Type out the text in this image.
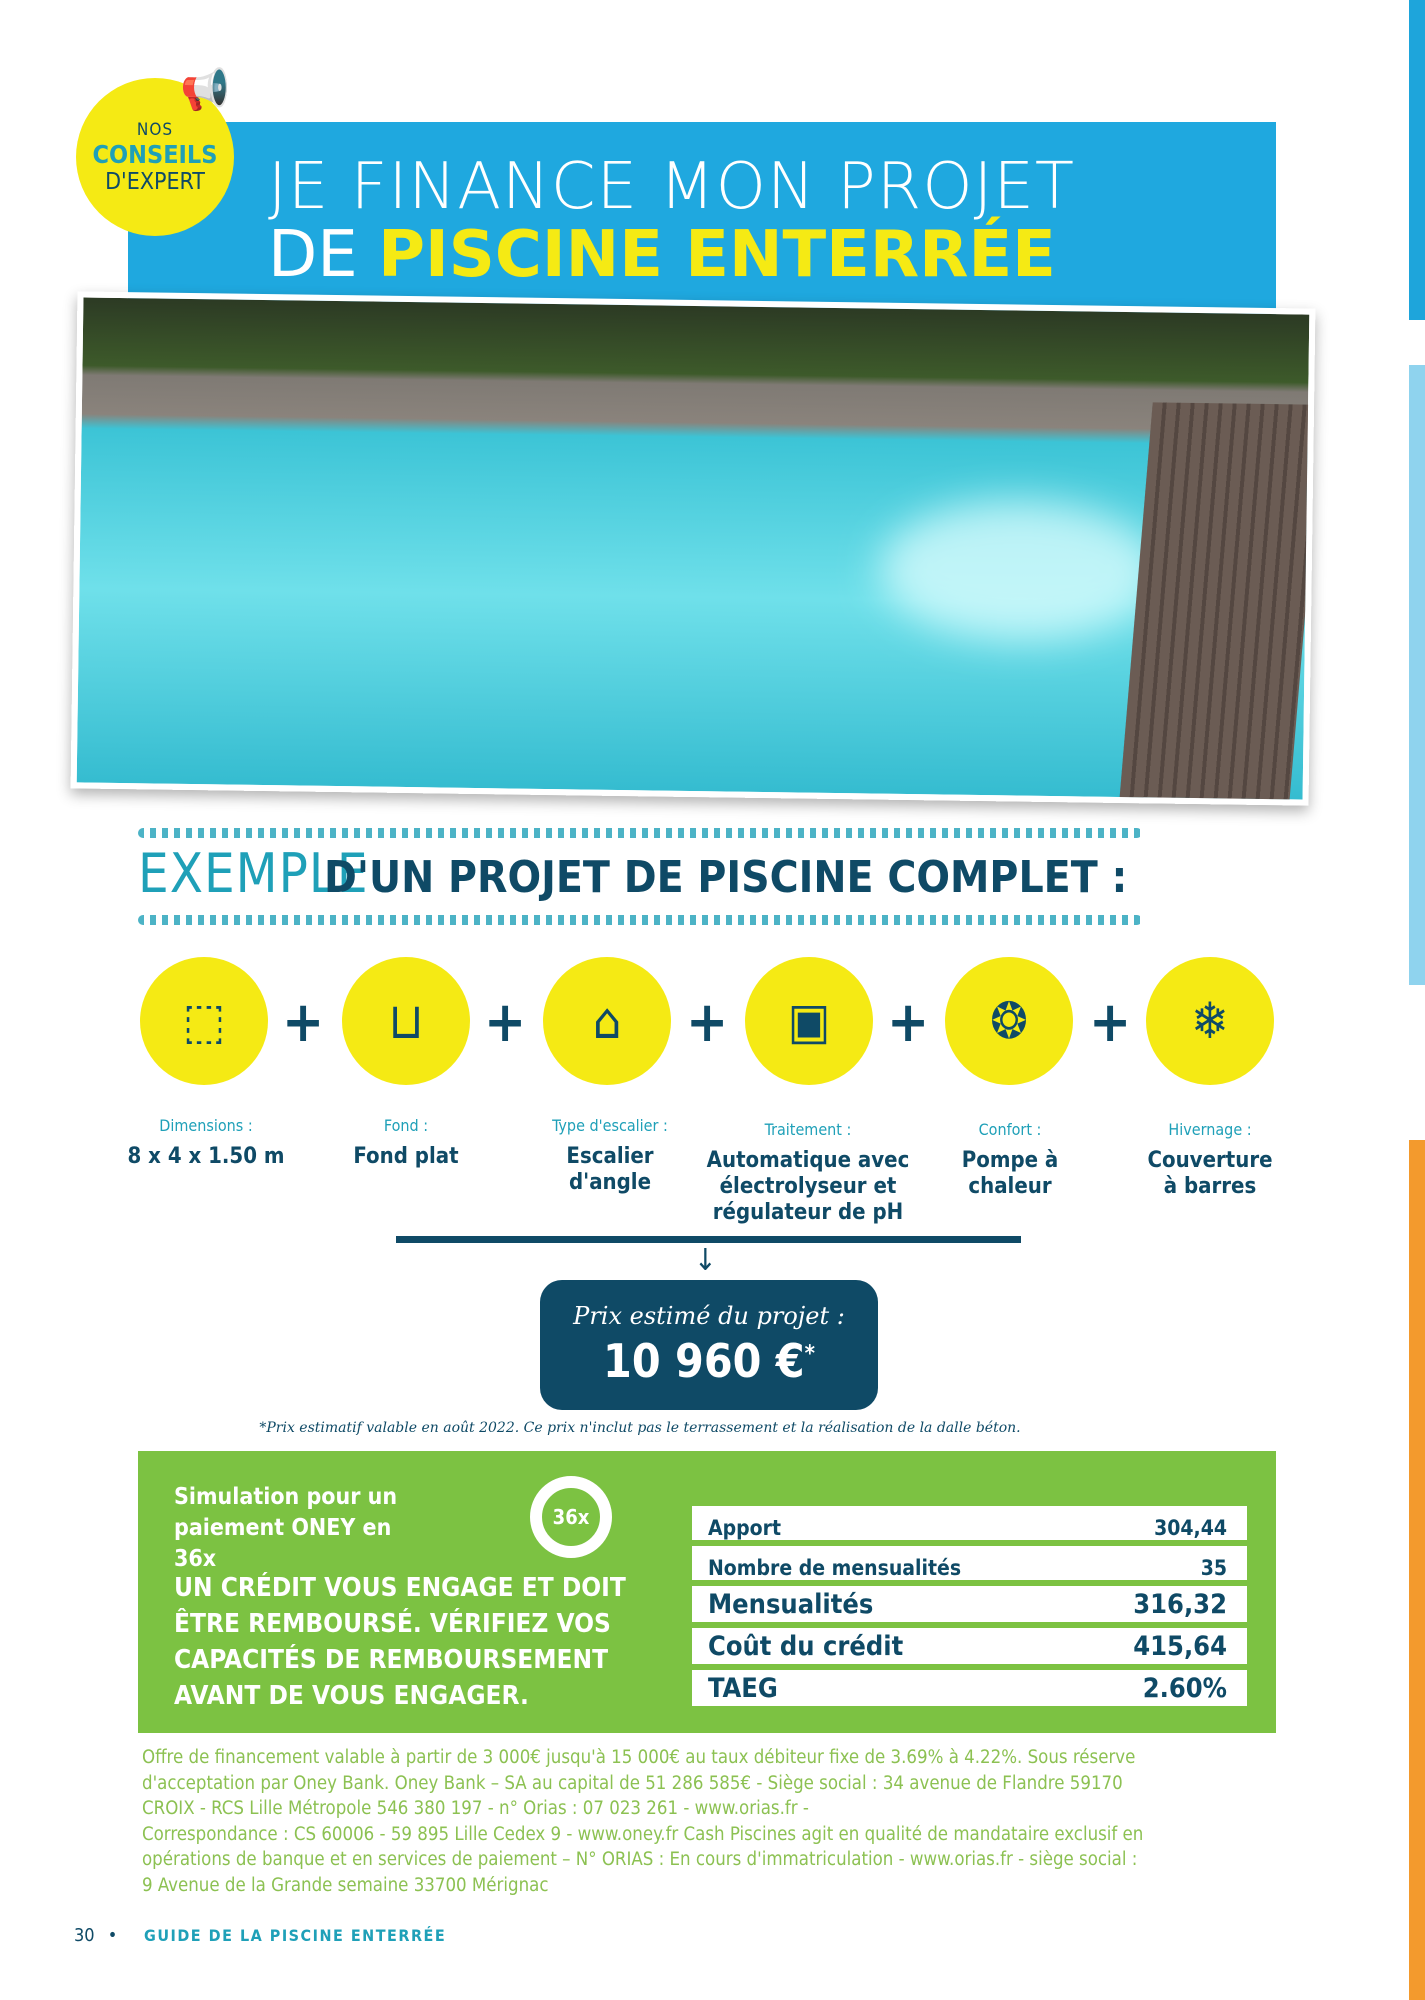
NOS
CONSEILS
D'EXPERT
📢
JE FINANCE MON PROJET
DE PISCINE ENTERRÉE
EXEMPLE
D'UN PROJET DE PISCINE COMPLET :
⬚	⊔	⌂	▣	❂	❄
+	+	+	+	+
Dimensions :
8 x 4 x 1.50 m
Fond :
Fond plat
Type d'escalier :
Escalier d'angle
Traitement :
Automatique avec électrolyseur et régulateur de pH
Confort :
Pompe à chaleur
Hivernage :
Couverture à barres
↓
Prix estimé du projet :
10 960 €*
*Prix estimatif valable en août 2022. Ce prix n'inclut pas le terrassement et la réalisation de la dalle béton.
Simulation pour un paiement ONEY en 36x
36x
UN CRÉDIT VOUS ENGAGE ET DOIT ÊTRE REMBOURSÉ. VÉRIFIEZ VOS CAPACITÉS DE REMBOURSEMENT AVANT DE VOUS ENGAGER.
Apport	304,44
Nombre de mensualités	35
Mensualités	316,32
Coût du crédit	415,64
TAEG	2.60%
Offre de financement valable à partir de 3 000€ jusqu'à 15 000€ au taux débiteur fixe de 3.69% à 4.22%. Sous réserve
d'acceptation par Oney Bank. Oney Bank – SA au capital de 51 286 585€ - Siège social : 34 avenue de Flandre 59170
CROIX - RCS Lille Métropole 546 380 197 - n° Orias : 07 023 261 - www.orias.fr -
Correspondance : CS 60006 - 59 895 Lille Cedex 9 - www.oney.fr Cash Piscines agit en qualité de mandataire exclusif en
opérations de banque et en services de paiement – N° ORIAS : En cours d'immatriculation - www.orias.fr - siège social :
9 Avenue de la Grande semaine 33700 Mérignac
30 • GUIDE DE LA PISCINE ENTERRÉE
